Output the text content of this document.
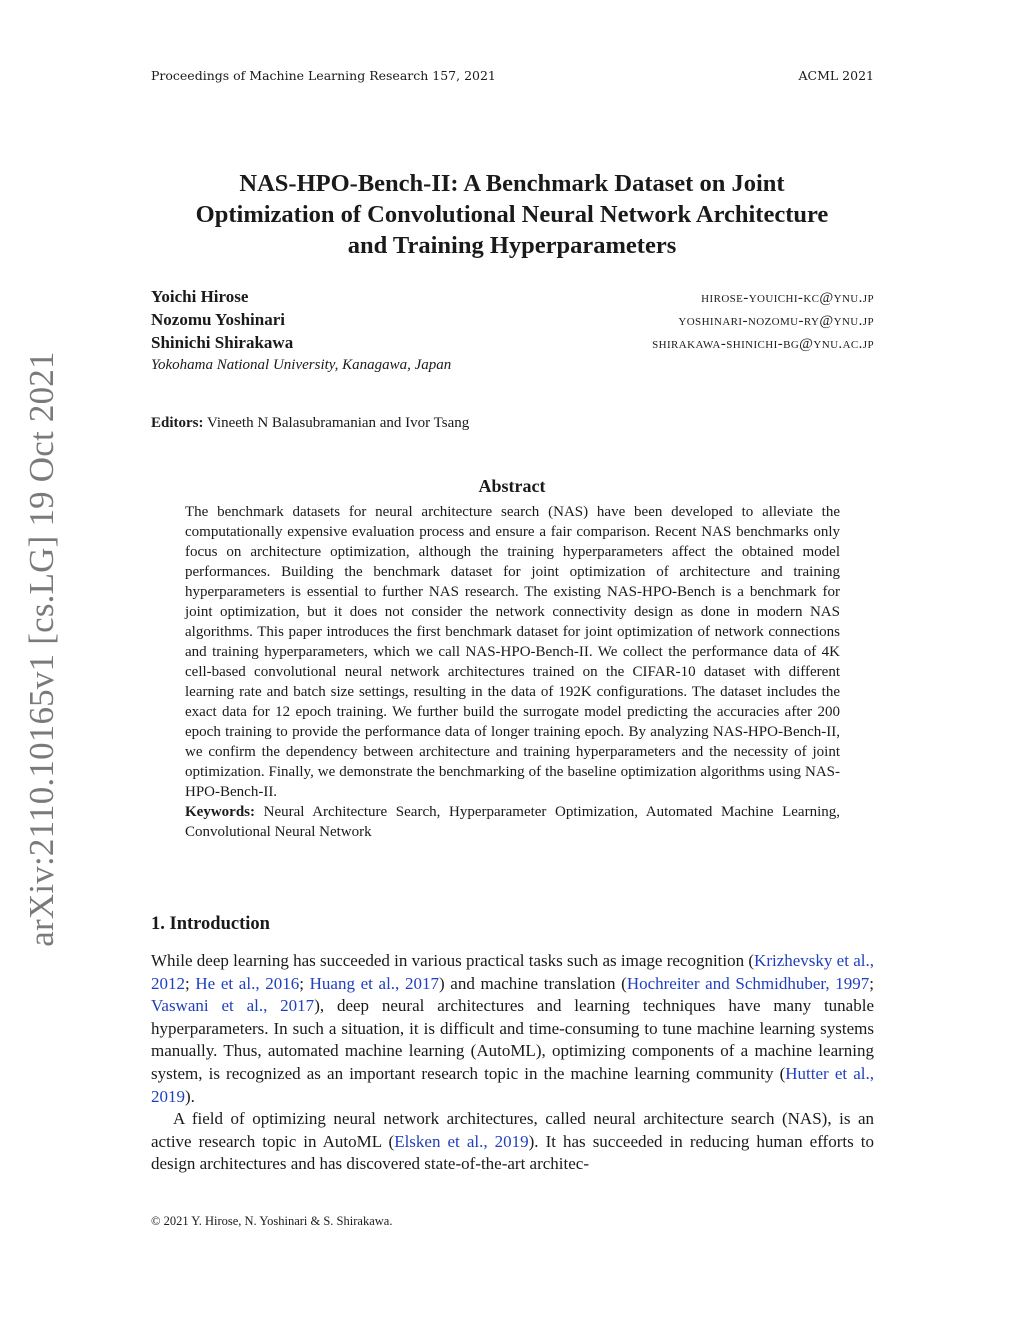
Proceedings of Machine Learning Research 157, 2021	ACML 2021
arXiv:2110.10165v1 [cs.LG] 19 Oct 2021
NAS-HPO-Bench-II: A Benchmark Dataset on Joint
Optimization of Convolutional Neural Network Architecture
and Training Hyperparameters
Yoichi Hirose	hirose-youichi-kc@ynu.jp
Nozomu Yoshinari	yoshinari-nozomu-ry@ynu.jp
Shinichi Shirakawa	shirakawa-shinichi-bg@ynu.ac.jp
Yokohama National University, Kanagawa, Japan
Editors: Vineeth N Balasubramanian and Ivor Tsang
Abstract

The benchmark datasets for neural architecture search (NAS) have been developed to alleviate the computationally expensive evaluation process and ensure a fair comparison. Recent NAS benchmarks only focus on architecture optimization, although the training hyperparameters affect the obtained model performances. Building the benchmark dataset for joint optimization of architecture and training hyperparameters is essential to further NAS research. The existing NAS-HPO-Bench is a benchmark for joint optimization, but it does not consider the network connectivity design as done in modern NAS algorithms. This paper introduces the first benchmark dataset for joint optimization of network connections and training hyperparameters, which we call NAS-HPO-Bench-II. We collect the performance data of 4K cell-based convolutional neural network architectures trained on the CIFAR-10 dataset with different learning rate and batch size settings, resulting in the data of 192K configurations. The dataset includes the exact data for 12 epoch training. We further build the surrogate model predicting the accuracies after 200 epoch training to provide the performance data of longer training epoch. By analyzing NAS-HPO-Bench-II, we confirm the dependency between architecture and training hyperparameters and the necessity of joint optimization. Finally, we demonstrate the benchmarking of the baseline optimization algorithms using NAS-HPO-Bench-II.

Keywords: Neural Architecture Search, Hyperparameter Optimization, Automated Machine Learning, Convolutional Neural Network

1. Introduction

While deep learning has succeeded in various practical tasks such as image recognition (Krizhevsky et al., 2012; He et al., 2016; Huang et al., 2017) and machine translation (Hochreiter and Schmidhuber, 1997; Vaswani et al., 2017), deep neural architectures and learning techniques have many tunable hyperparameters. In such a situation, it is difficult and time-consuming to tune machine learning systems manually. Thus, automated machine learning (AutoML), optimizing components of a machine learning system, is recognized as an important research topic in the machine learning community (Hutter et al., 2019).

A field of optimizing neural network architectures, called neural architecture search (NAS), is an active research topic in AutoML (Elsken et al., 2019). It has succeeded in reducing human efforts to design architectures and has discovered state-of-the-art architec-

© 2021 Y. Hirose, N. Yoshinari & S. Shirakawa.
